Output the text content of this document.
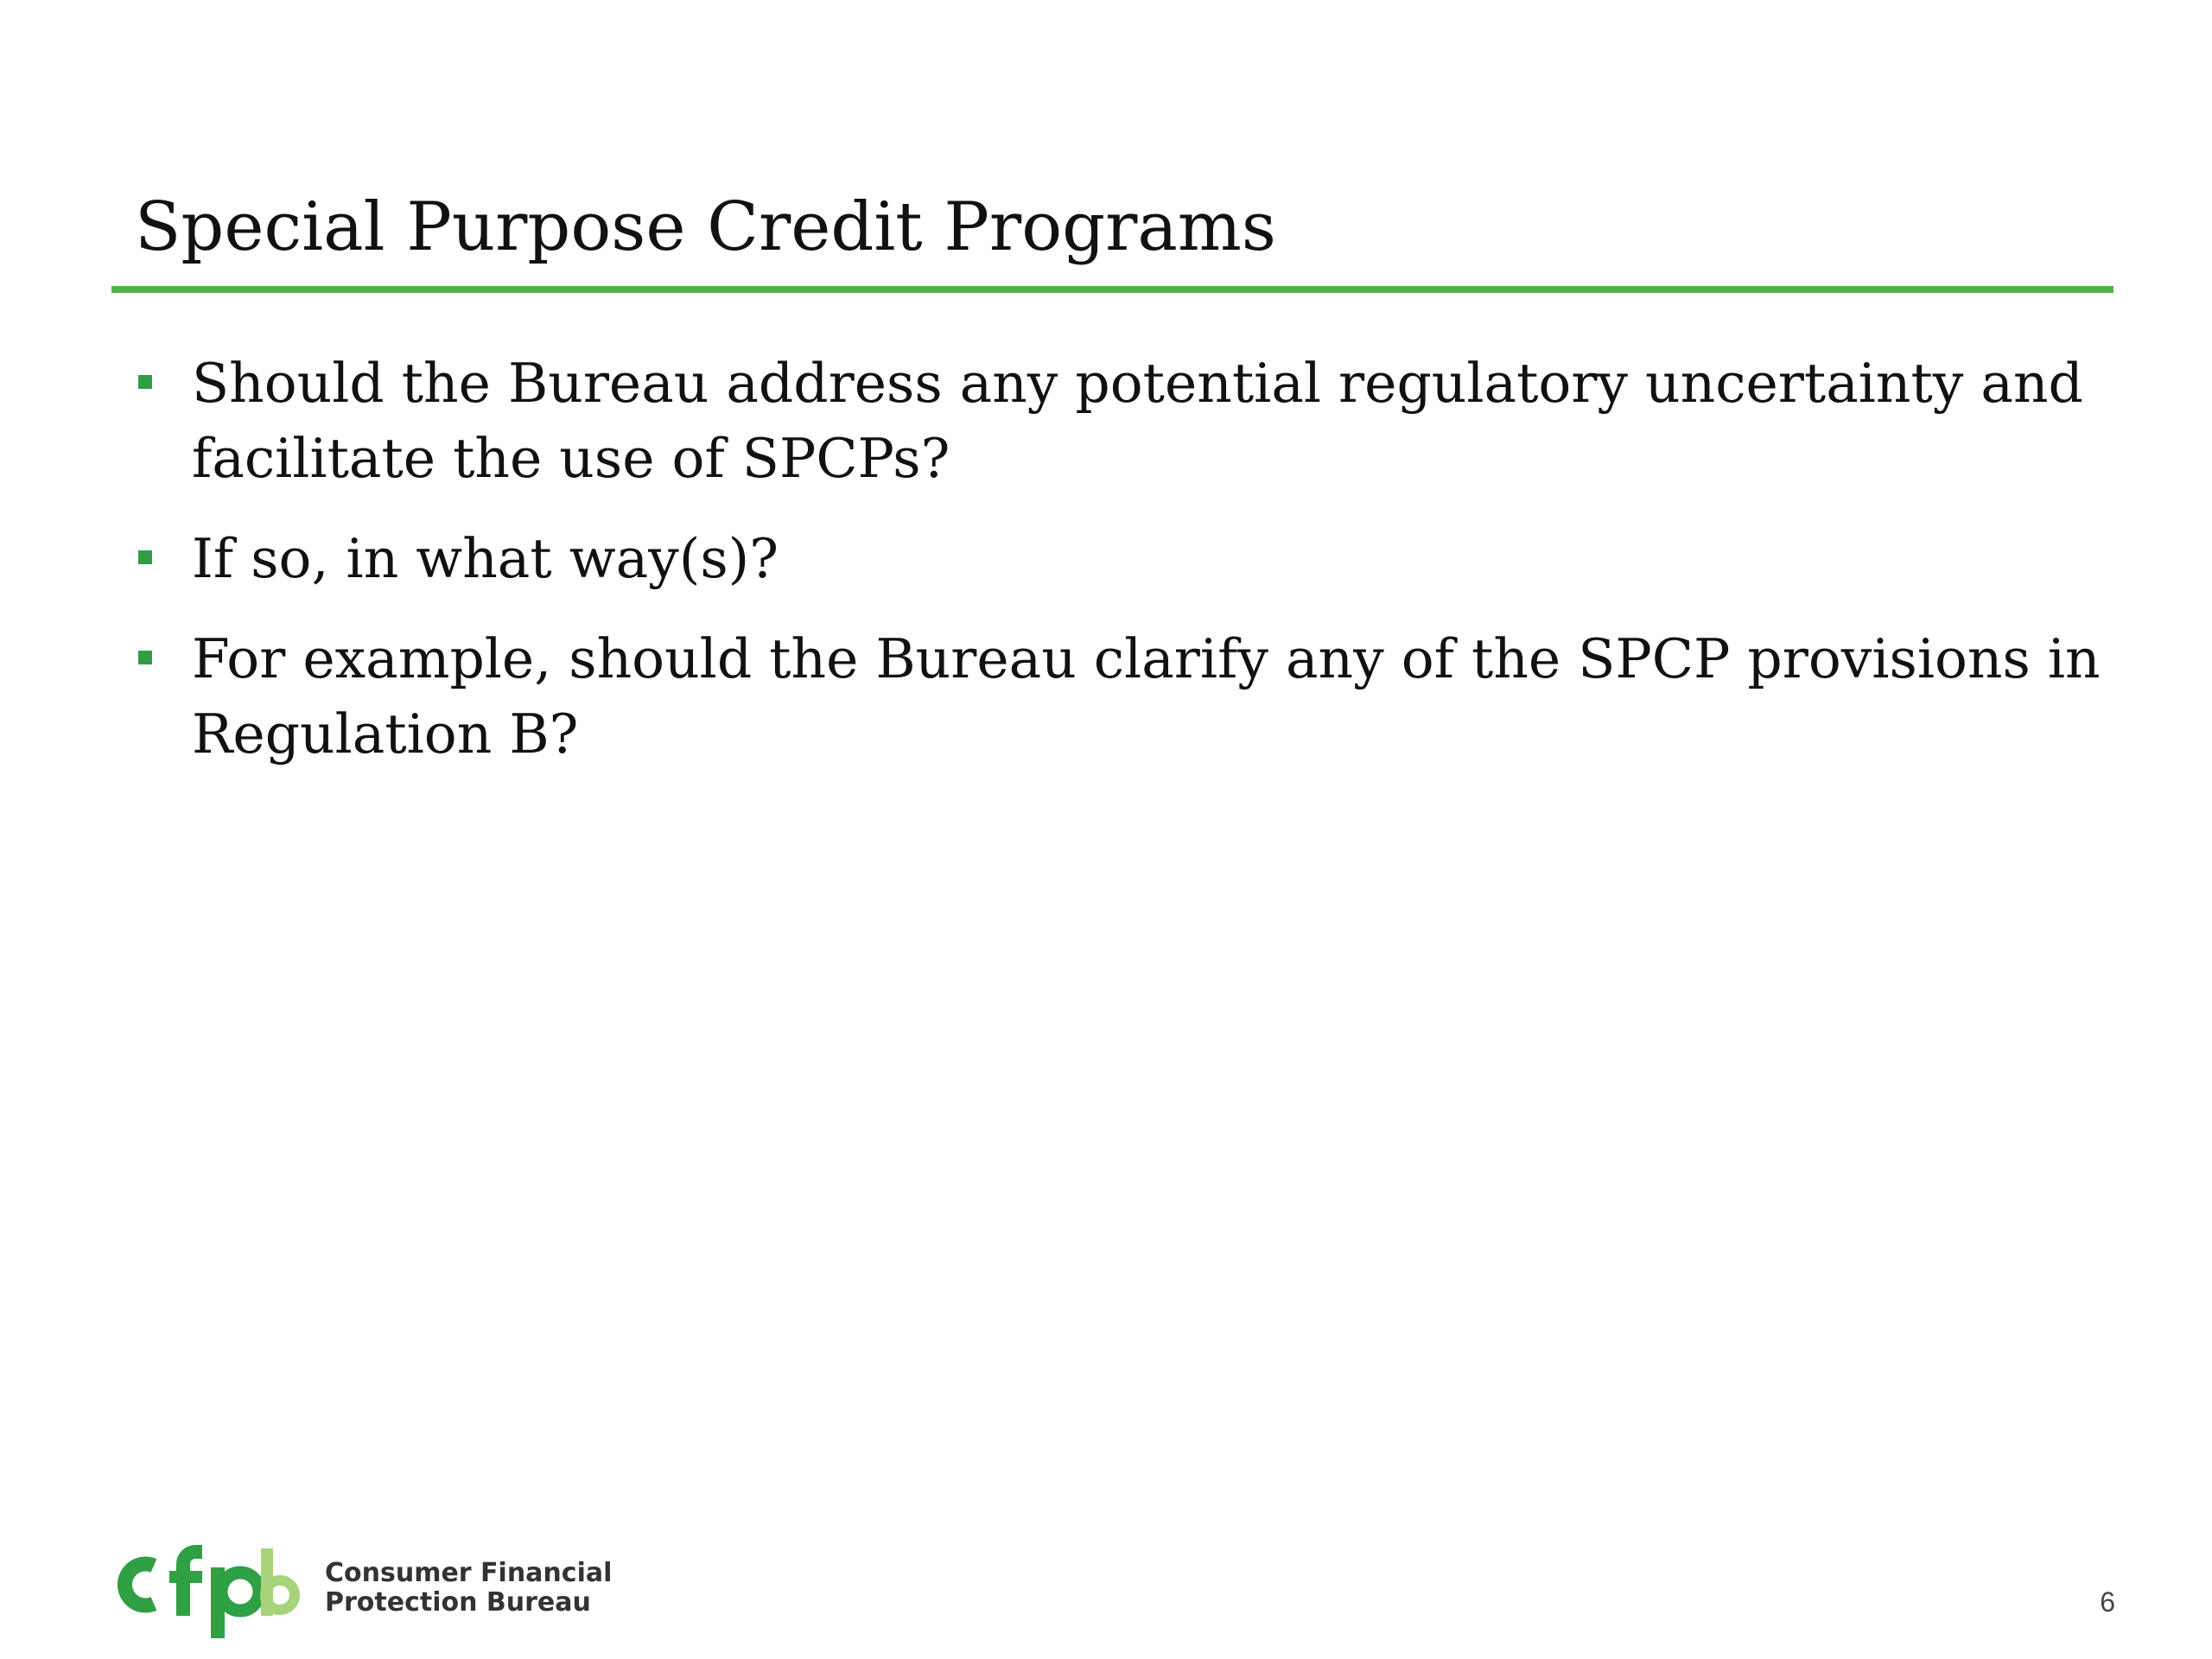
Special Purpose Credit Programs
Should the Bureau address any potential regulatory uncertainty and facilitate the use of SPCPs?
If so, in what way(s)?
For example, should the Bureau clarify any of the SPCP provisions in Regulation B?
Consumer Financial
Protection Bureau	6
